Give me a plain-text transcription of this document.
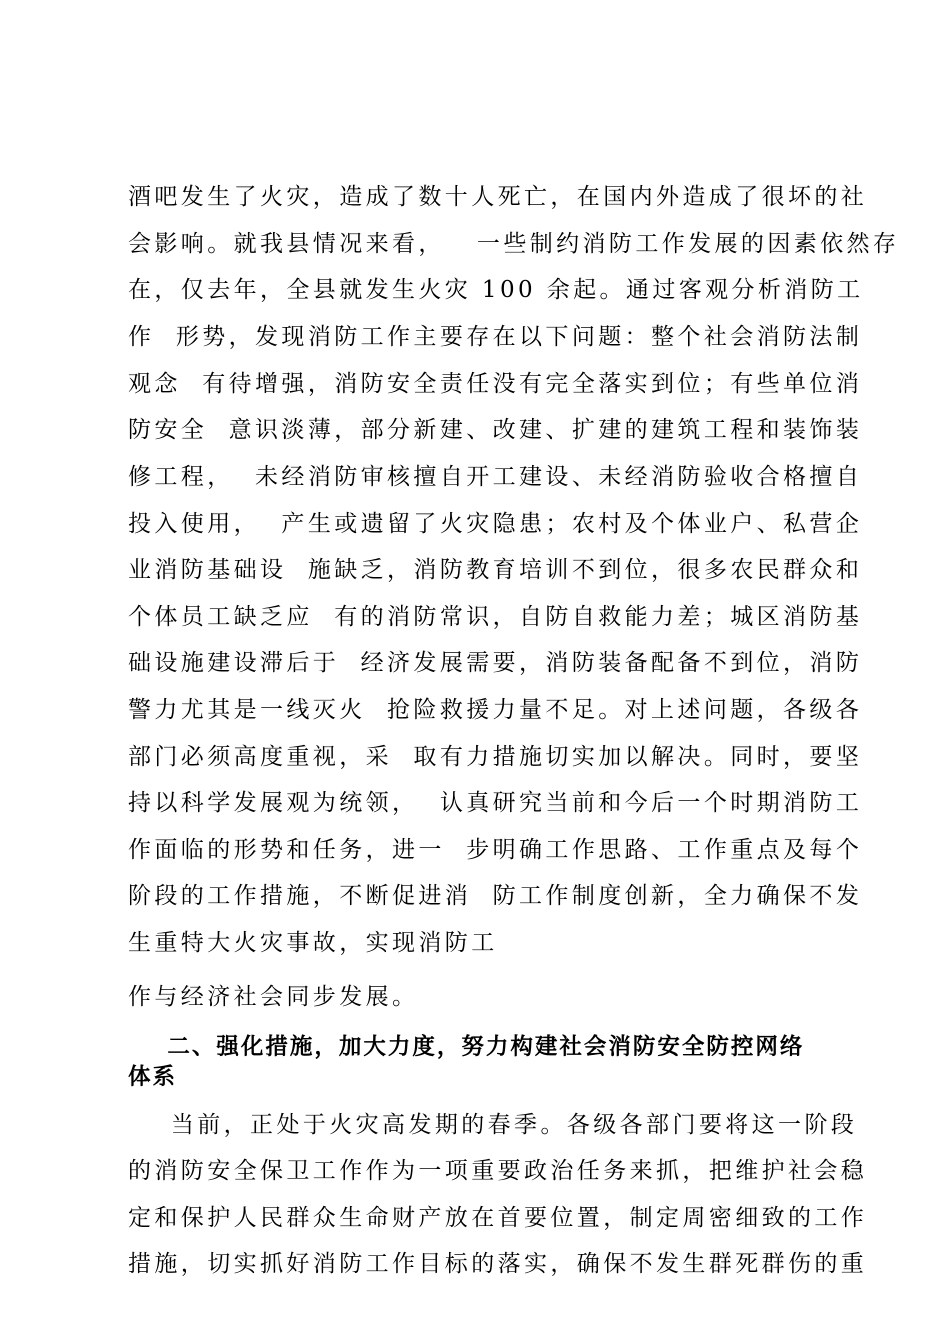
酒吧发生了火灾，造成了数十人死亡，在国内外造成了很坏的社
会影响。就我县情况来看，   一些制约消防工作发展的因素依然存
在，仅去年，全县就发生火灾 100 余起。通过客观分析消防工
作  形势，发现消防工作主要存在以下问题：整个社会消防法制
观念  有待增强，消防安全责任没有完全落实到位；有些单位消
防安全  意识淡薄，部分新建、改建、扩建的建筑工程和装饰装
修工程，  未经消防审核擅自开工建设、未经消防验收合格擅自
投入使用，  产生或遗留了火灾隐患；农村及个体业户、私营企
业消防基础设  施缺乏，消防教育培训不到位，很多农民群众和
个体员工缺乏应  有的消防常识，自防自救能力差；城区消防基
础设施建设滞后于  经济发展需要，消防装备配备不到位，消防
警力尤其是一线灭火  抢险救援力量不足。对上述问题，各级各
部门必须高度重视，采  取有力措施切实加以解决。同时，要坚
持以科学发展观为统领，  认真研究当前和今后一个时期消防工
作面临的形势和任务，进一  步明确工作思路、工作重点及每个
阶段的工作措施，不断促进消  防工作制度创新，全力确保不发
生重特大火灾事故，实现消防工
作与经济社会同步发展。
二、强化措施，加大力度，努力构建社会消防安全防控网络
体系
当前，正处于火灾高发期的春季。各级各部门要将这一阶段
的消防安全保卫工作作为一项重要政治任务来抓，把维护社会稳
定和保护人民群众生命财产放在首要位置，制定周密细致的工作
措施，切实抓好消防工作目标的落实，确保不发生群死群伤的重
